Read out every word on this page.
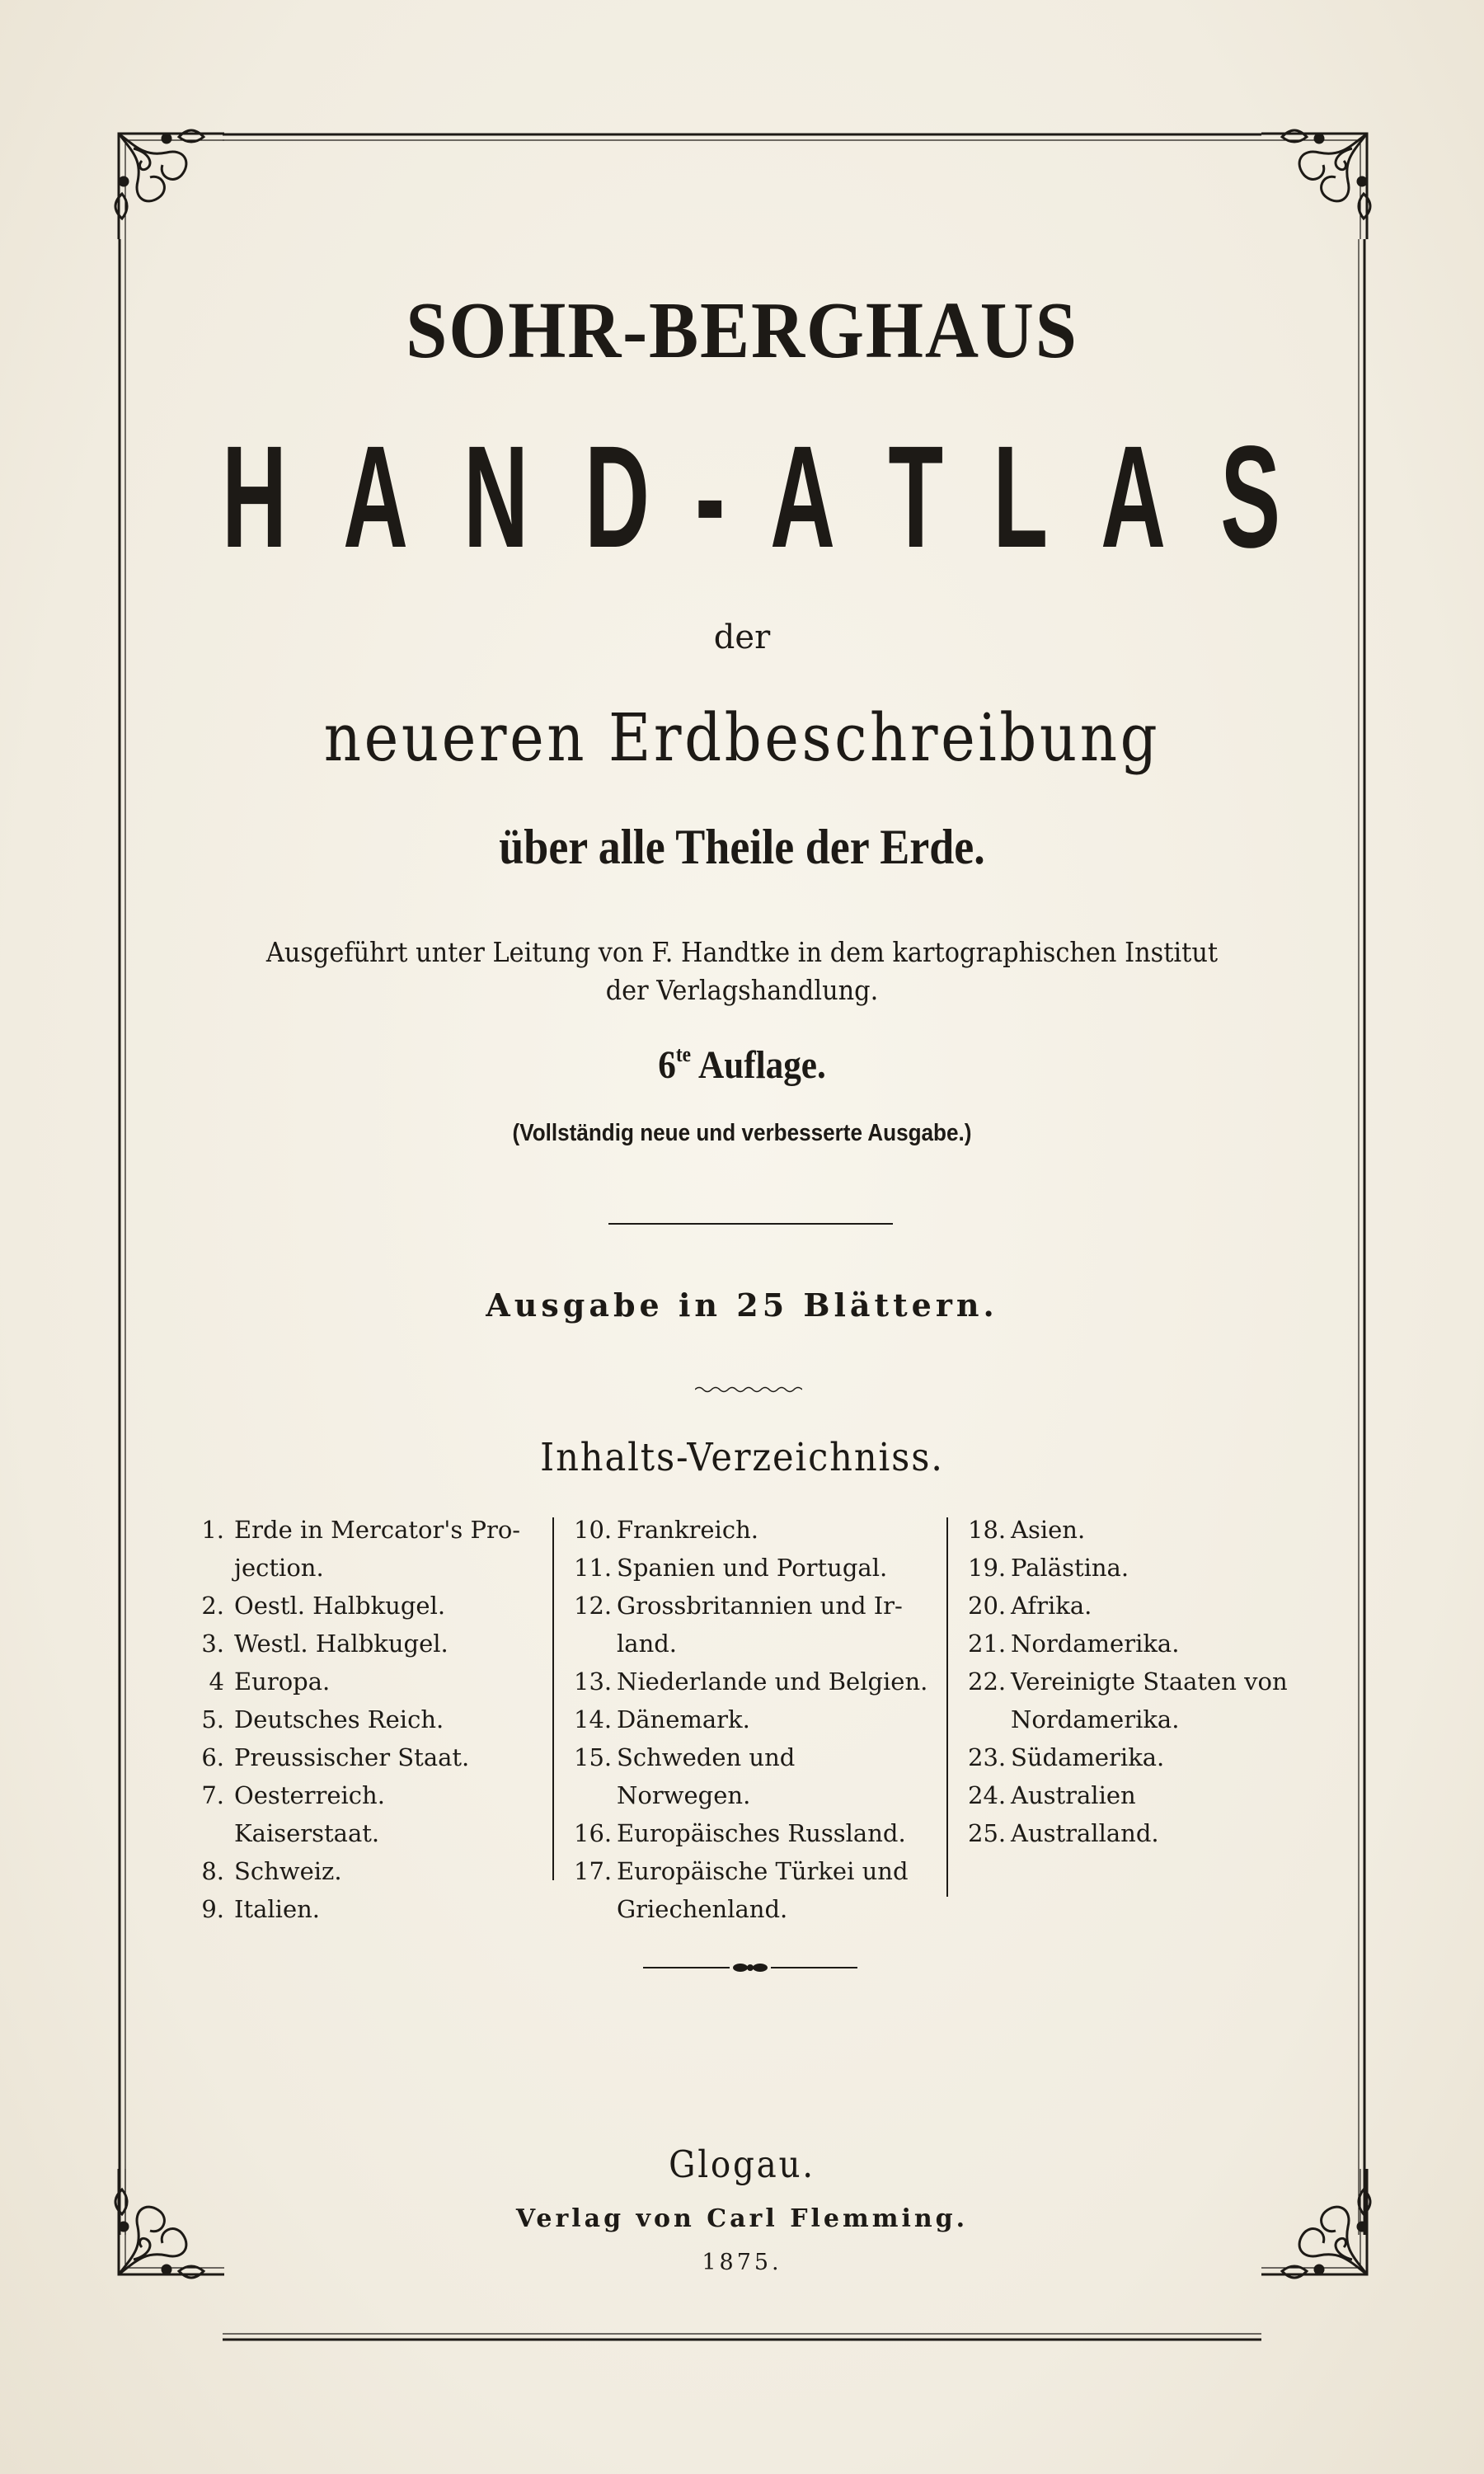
SOHR-BERGHAUS
H A N D - A T L A S
der
neueren Erdbeschreibung
über alle Theile der Erde.
Ausgeführt unter Leitung von F. Handtke in dem kartographischen Institut
der Verlagshandlung.
$6^{te}$ Auflage.
(Vollständig neue und verbesserte Ausgabe.)
Ausgabe in 25 Blättern.
Inhalts-Verzeichniss.
1. Erde in Mercator's Pro-
jection.
2. Oestl. Halbkugel.
3. Westl. Halbkugel.
4 Europa.
5. Deutsches Reich.
6. Preussischer Staat.
7. Oesterreich. Kaiserstaat.
8. Schweiz.
9. Italien.
10. Frankreich.
11. Spanien und Portugal.
12. Grossbritannien und Ir-
land.
13. Niederlande und Belgien.
14. Dänemark.
15. Schweden und Norwegen.
16. Europäisches Russland.
17. Europäische Türkei und
Griechenland.
18. Asien.
19. Palästina.
20. Afrika.
21. Nordamerika.
22. Vereinigte Staaten von
Nordamerika.
23. Südamerika.
24. Australien
25. Australland.
Glogau.
Verlag von Carl Flemming.
1875.
